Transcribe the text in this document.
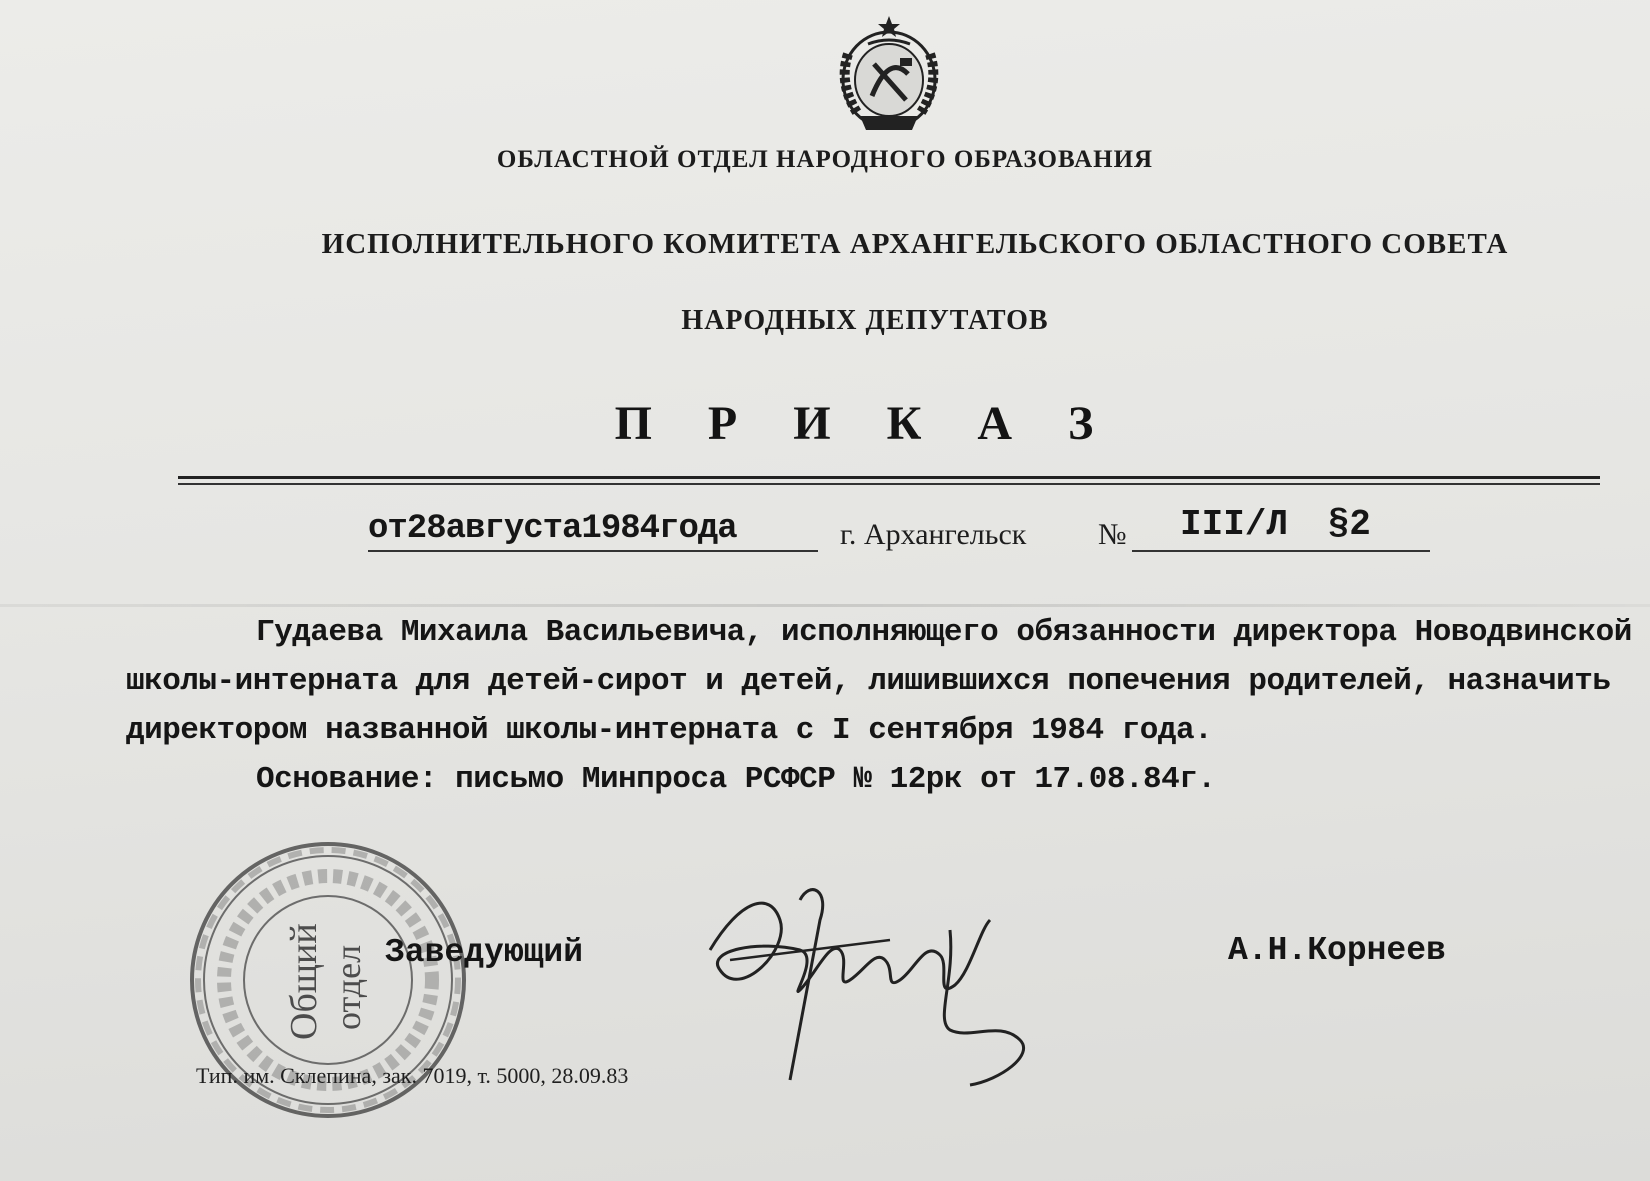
ОБЛАСТНОЙ ОТДЕЛ НАРОДНОГО ОБРАЗОВАНИЯ
ИСПОЛНИТЕЛЬНОГО КОМИТЕТА АРХАНГЕЛЬСКОГО ОБЛАСТНОГО СОВЕТА
НАРОДНЫХ ДЕПУТАТОВ
П Р И К А З
от28августа1984года	г. Архангельск № III/Л §2

Гудаева Михаила Васильевича, исполняющего обязанности директора Новодвинской школы-интерната для детей-сирот и детей, лишившихся попечения родителей, назначить директором названной школы-интерната с I сентября 1984 года.

Основание: письмо Минпроса РСФСР № 12рк от 17.08.84г.

Общий отдел Заведующий	А.Н.Корнеев
Тип. им. Склепина, зак. 7019, т. 5000, 28.09.83
